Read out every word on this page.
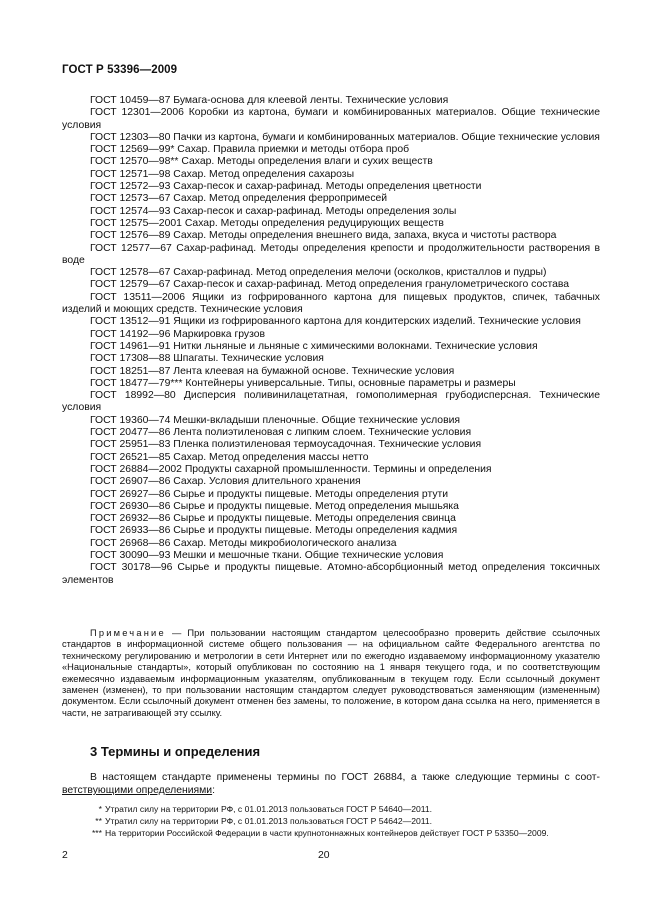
ГОСТ Р 53396—2009

ГОСТ 10459—87 Бумага-основа для клеевой ленты. Технические условия

ГОСТ 12301—2006 Коробки из картона, бумаги и комбинированных материалов. Общие технические условия

ГОСТ 12303—80 Пачки из картона, бумаги и комбинированных материалов. Общие технические условия

ГОСТ 12569—99* Сахар. Правила приемки и методы отбора проб

ГОСТ 12570—98** Сахар. Методы определения влаги и сухих веществ

ГОСТ 12571—98 Сахар. Метод определения сахарозы

ГОСТ 12572—93 Сахар-песок и сахар-рафинад. Методы определения цветности

ГОСТ 12573—67 Сахар. Метод определения ферропримесей

ГОСТ 12574—93 Сахар-песок и сахар-рафинад. Методы определения золы

ГОСТ 12575—2001 Сахар. Методы определения редуцирующих веществ

ГОСТ 12576—89 Сахар. Методы определения внешнего вида, запаха, вкуса и чистоты раствора

ГОСТ 12577—67 Сахар-рафинад. Методы определения крепости и продолжительности растворения в воде

ГОСТ 12578—67 Сахар-рафинад. Метод определения мелочи (осколков, кристаллов и пудры)

ГОСТ 12579—67 Сахар-песок и сахар-рафинад. Метод определения гранулометрического состава

ГОСТ 13511—2006 Ящики из гофрированного картона для пищевых продуктов, спичек, табачных изделий и моющих средств. Технические условия

ГОСТ 13512—91 Ящики из гофрированного картона для кондитерских изделий. Технические условия

ГОСТ 14192—96 Маркировка грузов

ГОСТ 14961—91 Нитки льняные и льняные с химическими волокнами. Технические условия

ГОСТ 17308—88 Шпагаты. Технические условия

ГОСТ 18251—87 Лента клеевая на бумажной основе. Технические условия

ГОСТ 18477—79*** Контейнеры универсальные. Типы, основные параметры и размеры

ГОСТ 18992—80 Дисперсия поливинилацетатная, гомополимерная грубодисперсная. Технические условия

ГОСТ 19360—74 Мешки-вкладыши пленочные. Общие технические условия

ГОСТ 20477—86 Лента полиэтиленовая с липким слоем. Технические условия

ГОСТ 25951—83 Пленка полиэтиленовая термоусадочная. Технические условия

ГОСТ 26521—85 Сахар. Метод определения массы нетто

ГОСТ 26884—2002 Продукты сахарной промышленности. Термины и определения

ГОСТ 26907—86 Сахар. Условия длительного хранения

ГОСТ 26927—86 Сырье и продукты пищевые. Методы определения ртути

ГОСТ 26930—86 Сырье и продукты пищевые. Метод определения мышьяка

ГОСТ 26932—86 Сырье и продукты пищевые. Методы определения свинца

ГОСТ 26933—86 Сырье и продукты пищевые. Методы определения кадмия

ГОСТ 26968—86 Сахар. Методы микробиологического анализа

ГОСТ 30090—93 Мешки и мешочные ткани. Общие технические условия

ГОСТ 30178—96 Сырье и продукты пищевые. Атомно-абсорбционный метод определения токсичных элементов

Примечание — При пользовании настоящим стандартом целесообразно проверить действие ссылочных стандартов в информационной системе общего пользования — на официальном сайте Федерального агентства по техническому регулированию и метрологии в сети Интернет или по ежегодно издаваемому информационному указателю «Национальные стандарты», который опубликован по состоянию на 1 января текущего года, и по соответствующим ежемесячно издаваемым информационным указателям, опубликованным в текущем году. Если ссылочный документ заменен (изменен), то при пользовании настоящим стандартом следует руководствоваться заменяющим (измененным) документом. Если ссылочный документ отменен без замены, то положение, в котором дана ссылка на него, применяется в части, не затрагивающей эту ссылку.
3 Термины и определения
В настоящем стандарте применены термины по ГОСТ 26884, а также следующие термины с соответствующими определениями:
* Утратил силу на территории РФ, с 01.01.2013 пользоваться ГОСТ Р 54640—2011.
** Утратил силу на территории РФ, с 01.01.2013 пользоваться ГОСТ Р 54642—2011.
*** На территории Российской Федерации в части крупнотоннажных контейнеров действует ГОСТ Р 53350—2009.
2	20
